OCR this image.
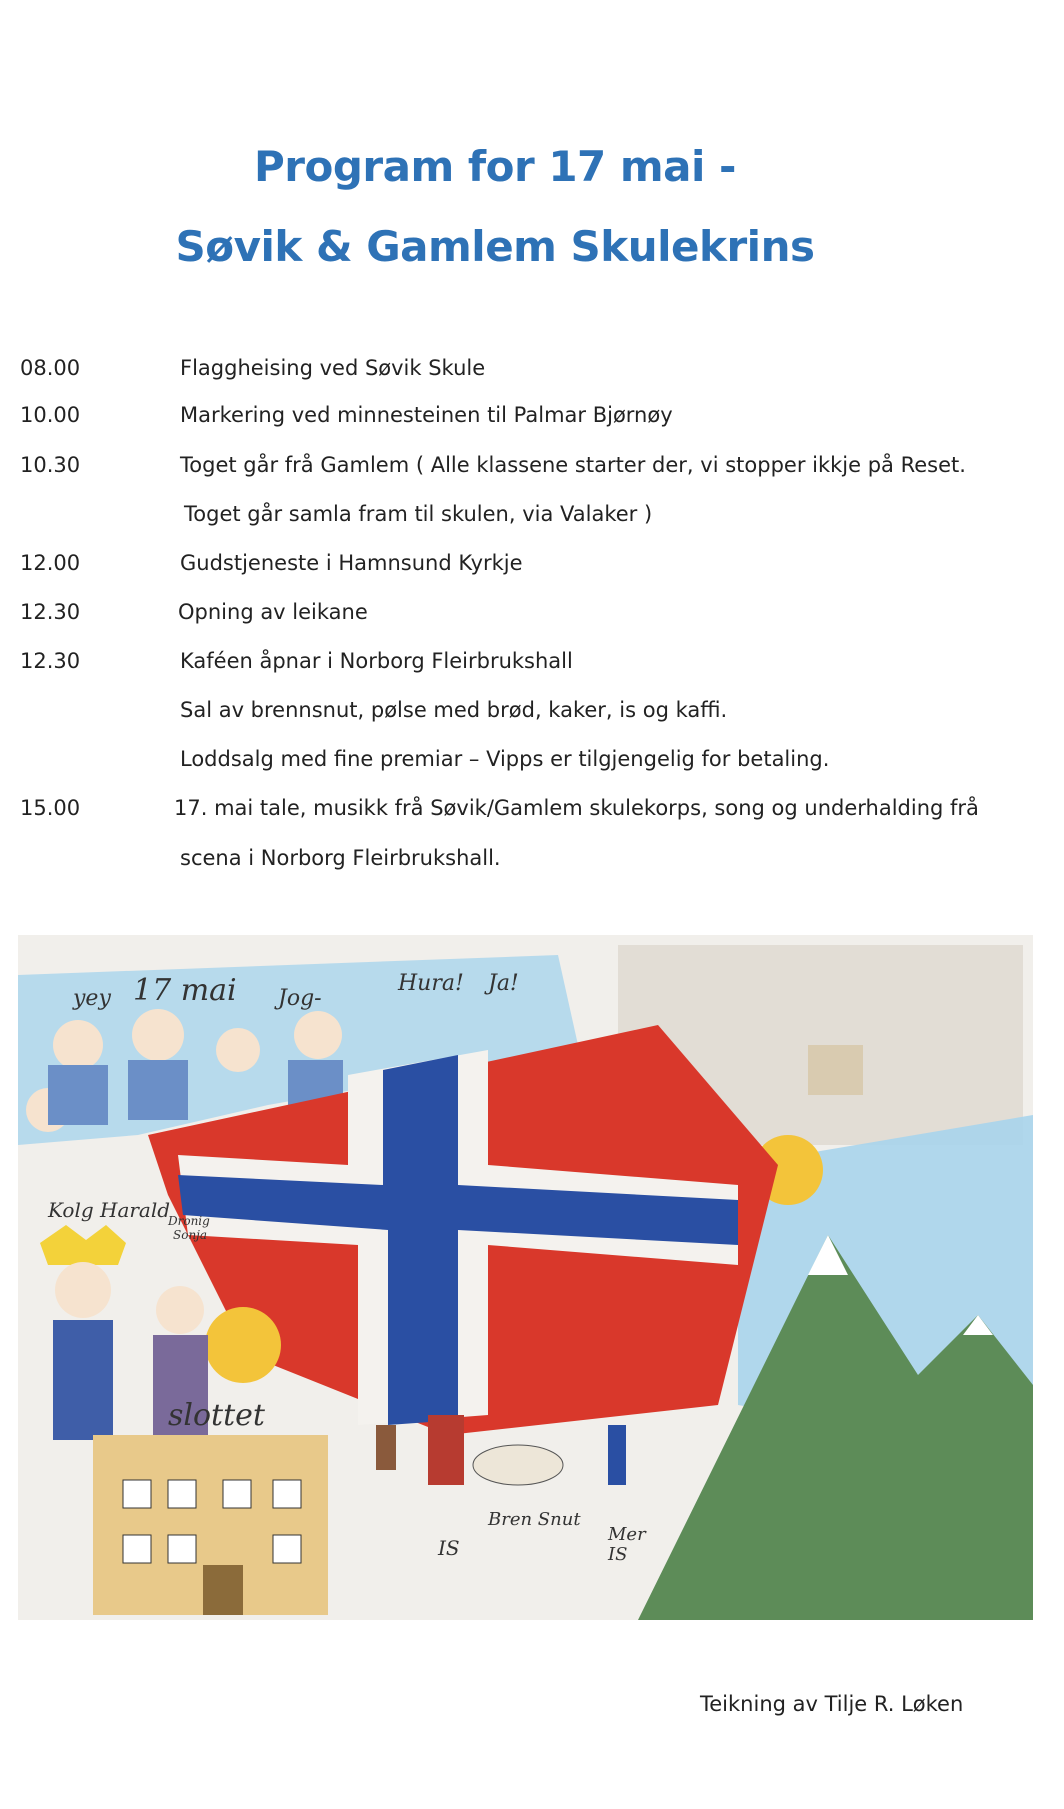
Program for 17 mai -
Søvik & Gamlem Skulekrins
08.00	Flaggheising ved Søvik Skule
10.00	Markering ved minnesteinen til Palmar Bjørnøy
10.30	Toget går frå Gamlem ( Alle klassene starter der, vi stopper ikkje på Reset.
Toget går samla fram til skulen, via Valaker )
12.00	Gudstjeneste i Hamnsund Kyrkje
12.30	Opning av leikane
12.30	Kaféen åpnar i Norborg Fleirbrukshall
Sal av brennsnut, pølse med brød, kaker, is og kaffi.
Loddsalg med fine premiar – Vipps er tilgjengelig for betaling.
15.00	17. mai tale, musikk frå Søvik/Gamlem skulekorps, song og underhalding frå
scena i Norborg Fleirbrukshall.
yey 17 mai Jog-
Hura! Ja!
Kolg Harald
Dronig
Sonja
slottet
IS
Bren Snut
Mer
IS
Teikning av Tilje R. Løken
